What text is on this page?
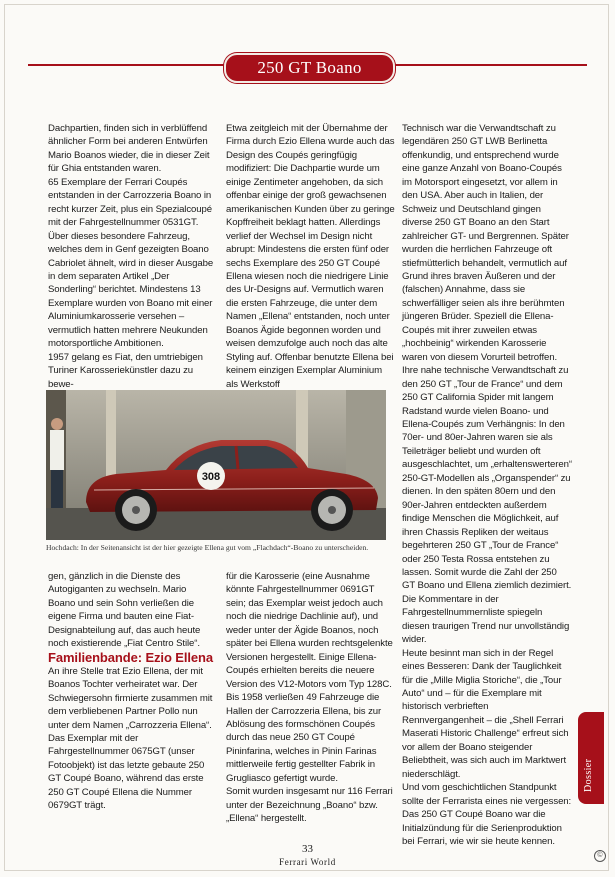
250 GT Boano

Dachpartien, finden sich in verblüffend ähnlicher Form bei anderen Entwürfen Mario Boanos wieder, die in dieser Zeit für Ghia entstanden waren.

65 Exemplare der Ferrari Coupés entstanden in der Carrozzeria Boano in recht kurzer Zeit, plus ein Spezialcoupé mit der Fahrgestellnummer 0531GT. Über dieses besondere Fahrzeug, welches dem in Genf gezeigten Boano Cabriolet ähnelt, wird in dieser Ausgabe in dem separaten Artikel „Der Sonderling“ berichtet. Mindestens 13 Exemplare wurden von Boano mit einer Aluminiumkarosserie versehen – vermutlich hatten mehrere Neukunden motorsportliche Ambitionen.

1957 gelang es Fiat, den umtriebigen Turiner Karosseriekünstler dazu zu bewe-

Etwa zeitgleich mit der Übernahme der Firma durch Ezio Ellena wurde auch das Design des Coupés geringfügig modifiziert: Die Dachpartie wurde um einige Zentimeter angehoben, da sich offenbar einige der groß gewachsenen amerikanischen Kunden über zu geringe Kopffreiheit beklagt hatten. Allerdings verlief der Wechsel im Design nicht abrupt: Mindestens die ersten fünf oder sechs Exemplare des 250 GT Coupé Ellena wiesen noch die niedrigere Linie des Ur-Designs auf. Vermutlich waren die ersten Fahrzeuge, die unter dem Namen „Ellena“ entstanden, noch unter Boanos Ägide begonnen worden und weisen demzufolge auch noch das alte Styling auf. Offenbar benutzte Ellena bei keinem einzigen Exemplar Aluminium als Werkstoff

Technisch war die Verwandtschaft zu legendären 250 GT LWB Berlinetta offenkundig, und entsprechend wurde eine ganze Anzahl von Boano-Coupés im Motorsport eingesetzt, vor allem in den USA. Aber auch in Italien, der Schweiz und Deutschland gingen diverse 250 GT Boano an den Start zahlreicher GT- und Bergrennen. Später wurden die herrlichen Fahrzeuge oft stiefmütterlich behandelt, vermutlich auf Grund ihres braven Äußeren und der (falschen) Annahme, dass sie schwerfälliger seien als ihre berühmten jüngeren Brüder. Speziell die Ellena-Coupés mit ihrer zuweilen etwas „hochbeinig“ wirkenden Karosserie waren von diesem Vorurteil betroffen.

Ihre nahe technische Verwandtschaft zu den 250 GT „Tour de France“ und dem 250 GT California Spider mit langem Radstand wurde vielen Boano- und Ellena-Coupés zum Verhängnis: In den 70er- und 80er-Jahren waren sie als Teileträger beliebt und wurden oft ausgeschlachtet, um „erhaltenswerteren“ 250-GT-Modellen als „Organspender“ zu dienen. In den späten 80ern und den 90er-Jahren entdeckten außerdem findige Menschen die Möglichkeit, auf ihren Chassis Repliken der weitaus begehrteren 250 GT „Tour de France“ oder 250 Testa Rossa entstehen zu lassen. Somit wurde die Zahl der 250 GT Boano und Ellena ziemlich dezimiert. Die Kommentare in der Fahrgestellnummernliste spiegeln diesen traurigen Trend nur unvollständig wider.

Heute besinnt man sich in der Regel eines Besseren: Dank der Tauglichkeit für die „Mille Miglia Storiche“, die „Tour Auto“ und – für die Exemplare mit historisch verbrieften Rennvergangenheit – die „Shell Ferrari Maserati Historic Challenge“ erfreut sich vor allem der Boano steigender Beliebtheit, was sich auch im Marktwert niederschlägt.

Und vom geschichtlichen Standpunkt sollte der Ferrarista eines nie vergessen: Das 250 GT Coupé Boano war die Initialzündung für die Serienproduktion bei Ferrari, wie wir sie heute kennen.

308
Hochdach: In der Seitenansicht ist der hier gezeigte Ellena gut vom „Flachdach“-Boano zu unterscheiden.

gen, gänzlich in die Dienste des Autogiganten zu wechseln. Mario Boano und sein Sohn verließen die eigene Firma und bauten eine Fiat-Designabteilung auf, das auch heute noch existierende „Fiat Centro Stile“.

Familienbande: Ezio Ellena

An ihre Stelle trat Ezio Ellena, der mit Boanos Tochter verheiratet war. Der Schwiegersohn firmierte zusammen mit dem verbliebenen Partner Pollo nun unter dem Namen „Carrozzeria Ellena“. Das Exemplar mit der Fahrgestellnummer 0675GT (unser Fotoobjekt) ist das letzte gebaute 250 GT Coupé Boano, während das erste 250 GT Coupé Ellena die Nummer 0679GT trägt.

für die Karosserie (eine Ausnahme könnte Fahrgestellnummer 0691GT sein; das Exemplar weist jedoch auch noch die niedrige Dachlinie auf), und weder unter der Ägide Boanos, noch später bei Ellena wurden rechtsgelenkte Versionen hergestellt. Einige Ellena-Coupés erhielten bereits die neuere Version des V12-Motors vom Typ 128C.

Bis 1958 verließen 49 Fahrzeuge die Hallen der Carrozzeria Ellena, bis zur Ablösung des formschönen Coupés durch das neue 250 GT Coupé Pininfarina, welches in Pinin Farinas mittlerweile fertig gestellter Fabrik in Grugliasco gefertigt wurde.

Somit wurden insgesamt nur 116 Ferrari unter der Bezeichnung „Boano“ bzw. „Ellena“ hergestellt.

Dossier
33
Ferrari World
©
